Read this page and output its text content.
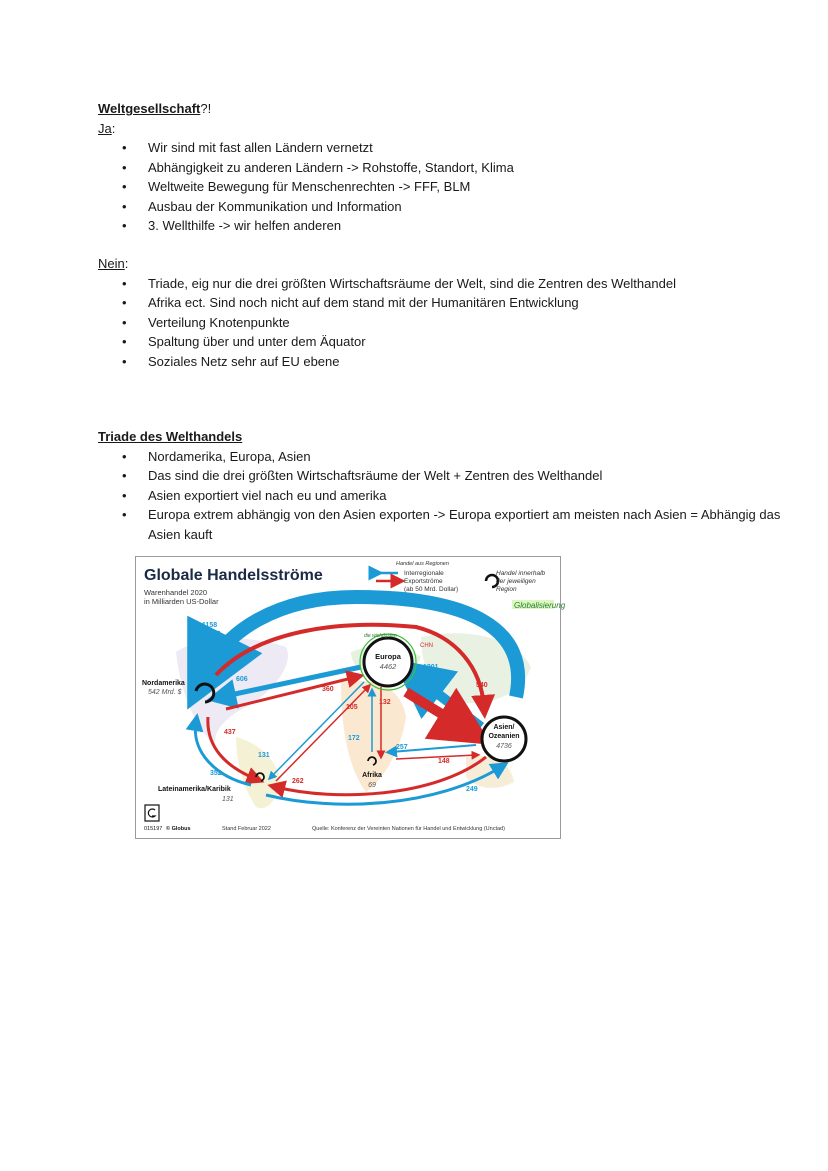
Weltgesellschaft?!
Ja:
• Wir sind mit fast allen Ländern vernetzt
• Abhängigkeit zu anderen Ländern -> Rohstoffe, Standort, Klima
• Weltweite Bewegung für Menschenrechten -> FFF, BLM
• Ausbau der Kommunikation und Information
• 3. Wellthilfe -> wir helfen anderen
Nein:
• Triade, eig nur die drei größten Wirtschaftsräume der Welt, sind die Zentren des Welthandel
• Afrika ect. Sind noch nicht auf dem stand mit der Humanitären Entwicklung
• Verteilung Knotenpunkte
• Spaltung über und unter dem Äquator
• Soziales Netz sehr auf EU ebene
Triade des Welthandels
• Nordamerika, Europa, Asien
• Das sind die drei größten Wirtschaftsräume der Welt + Zentren des Welthandel
• Asien exportiert viel nach eu und amerika
• Europa extrem abhängig von den Asien exporten -> Europa exportiert am meisten nach Asien = Abhängig das Asien kauft
Globale Handelsströme
Warenhandel 2020
in Milliarden US-Dollar
Handel aus Regionen
Globalisierung
Interregionale
Exportströme
(ab 50 Mrd. Dollar)
Handel innerhalb
der jeweiligen
Region
Europa
4462
die wichtigsten
CHN
Asien/
Ozeanien
4736
Nordamerika
542 Mrd. $
Afrika
69
Lateinamerika/Karibik
131
1158
Mrd. $
606
360
1301
540
105
132
172
1129
257
148
437
131
352
262
249
015197 © Globus	Stand Februar 2022	Quelle: Konferenz der Vereinten Nationen für Handel und Entwicklung (Unctad)
